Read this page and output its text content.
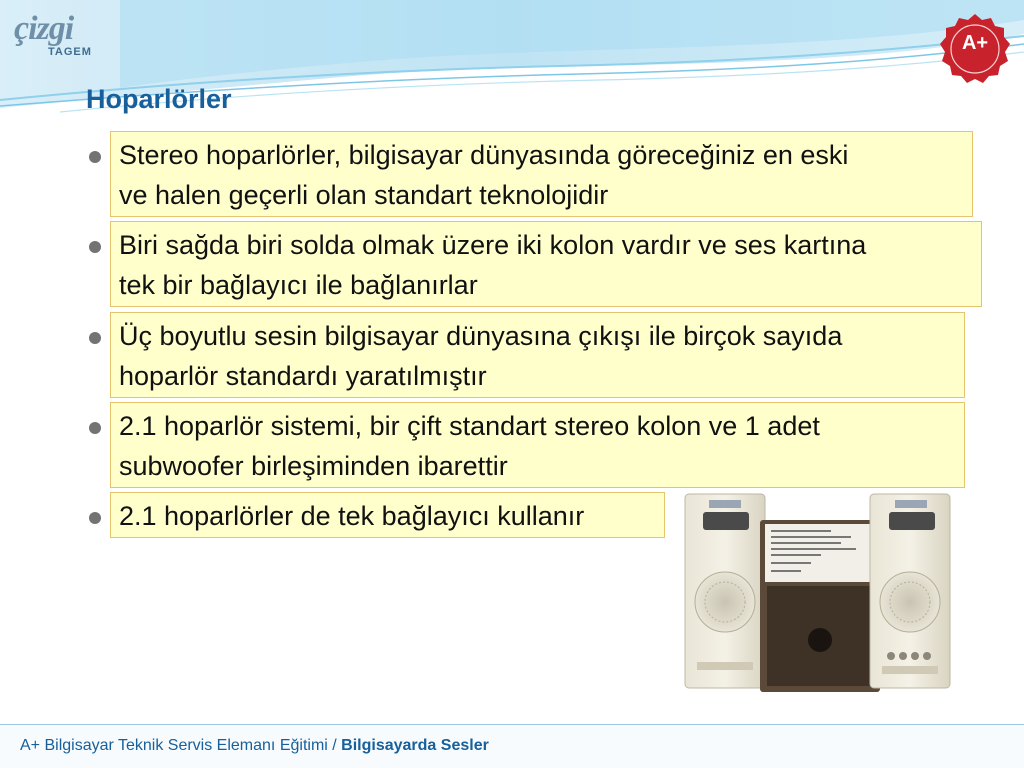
çizgi
TAGEM	A+
Hoparlörler
Stereo hoparlörler, bilgisayar dünyasında göreceğiniz en eski
ve halen geçerli olan standart teknolojidir
Biri sağda biri solda olmak üzere iki kolon vardır ve ses kartına
tek bir bağlayıcı ile bağlanırlar
Üç boyutlu sesin bilgisayar dünyasına çıkışı ile birçok sayıda
hoparlör standardı yaratılmıştır
2.1 hoparlör sistemi, bir çift standart stereo kolon ve 1 adet
subwoofer birleşiminden ibarettir
2.1 hoparlörler de tek bağlayıcı kullanır
A+ Bilgisayar Teknik Servis Elemanı Eğitimi / Bilgisayarda Sesler
